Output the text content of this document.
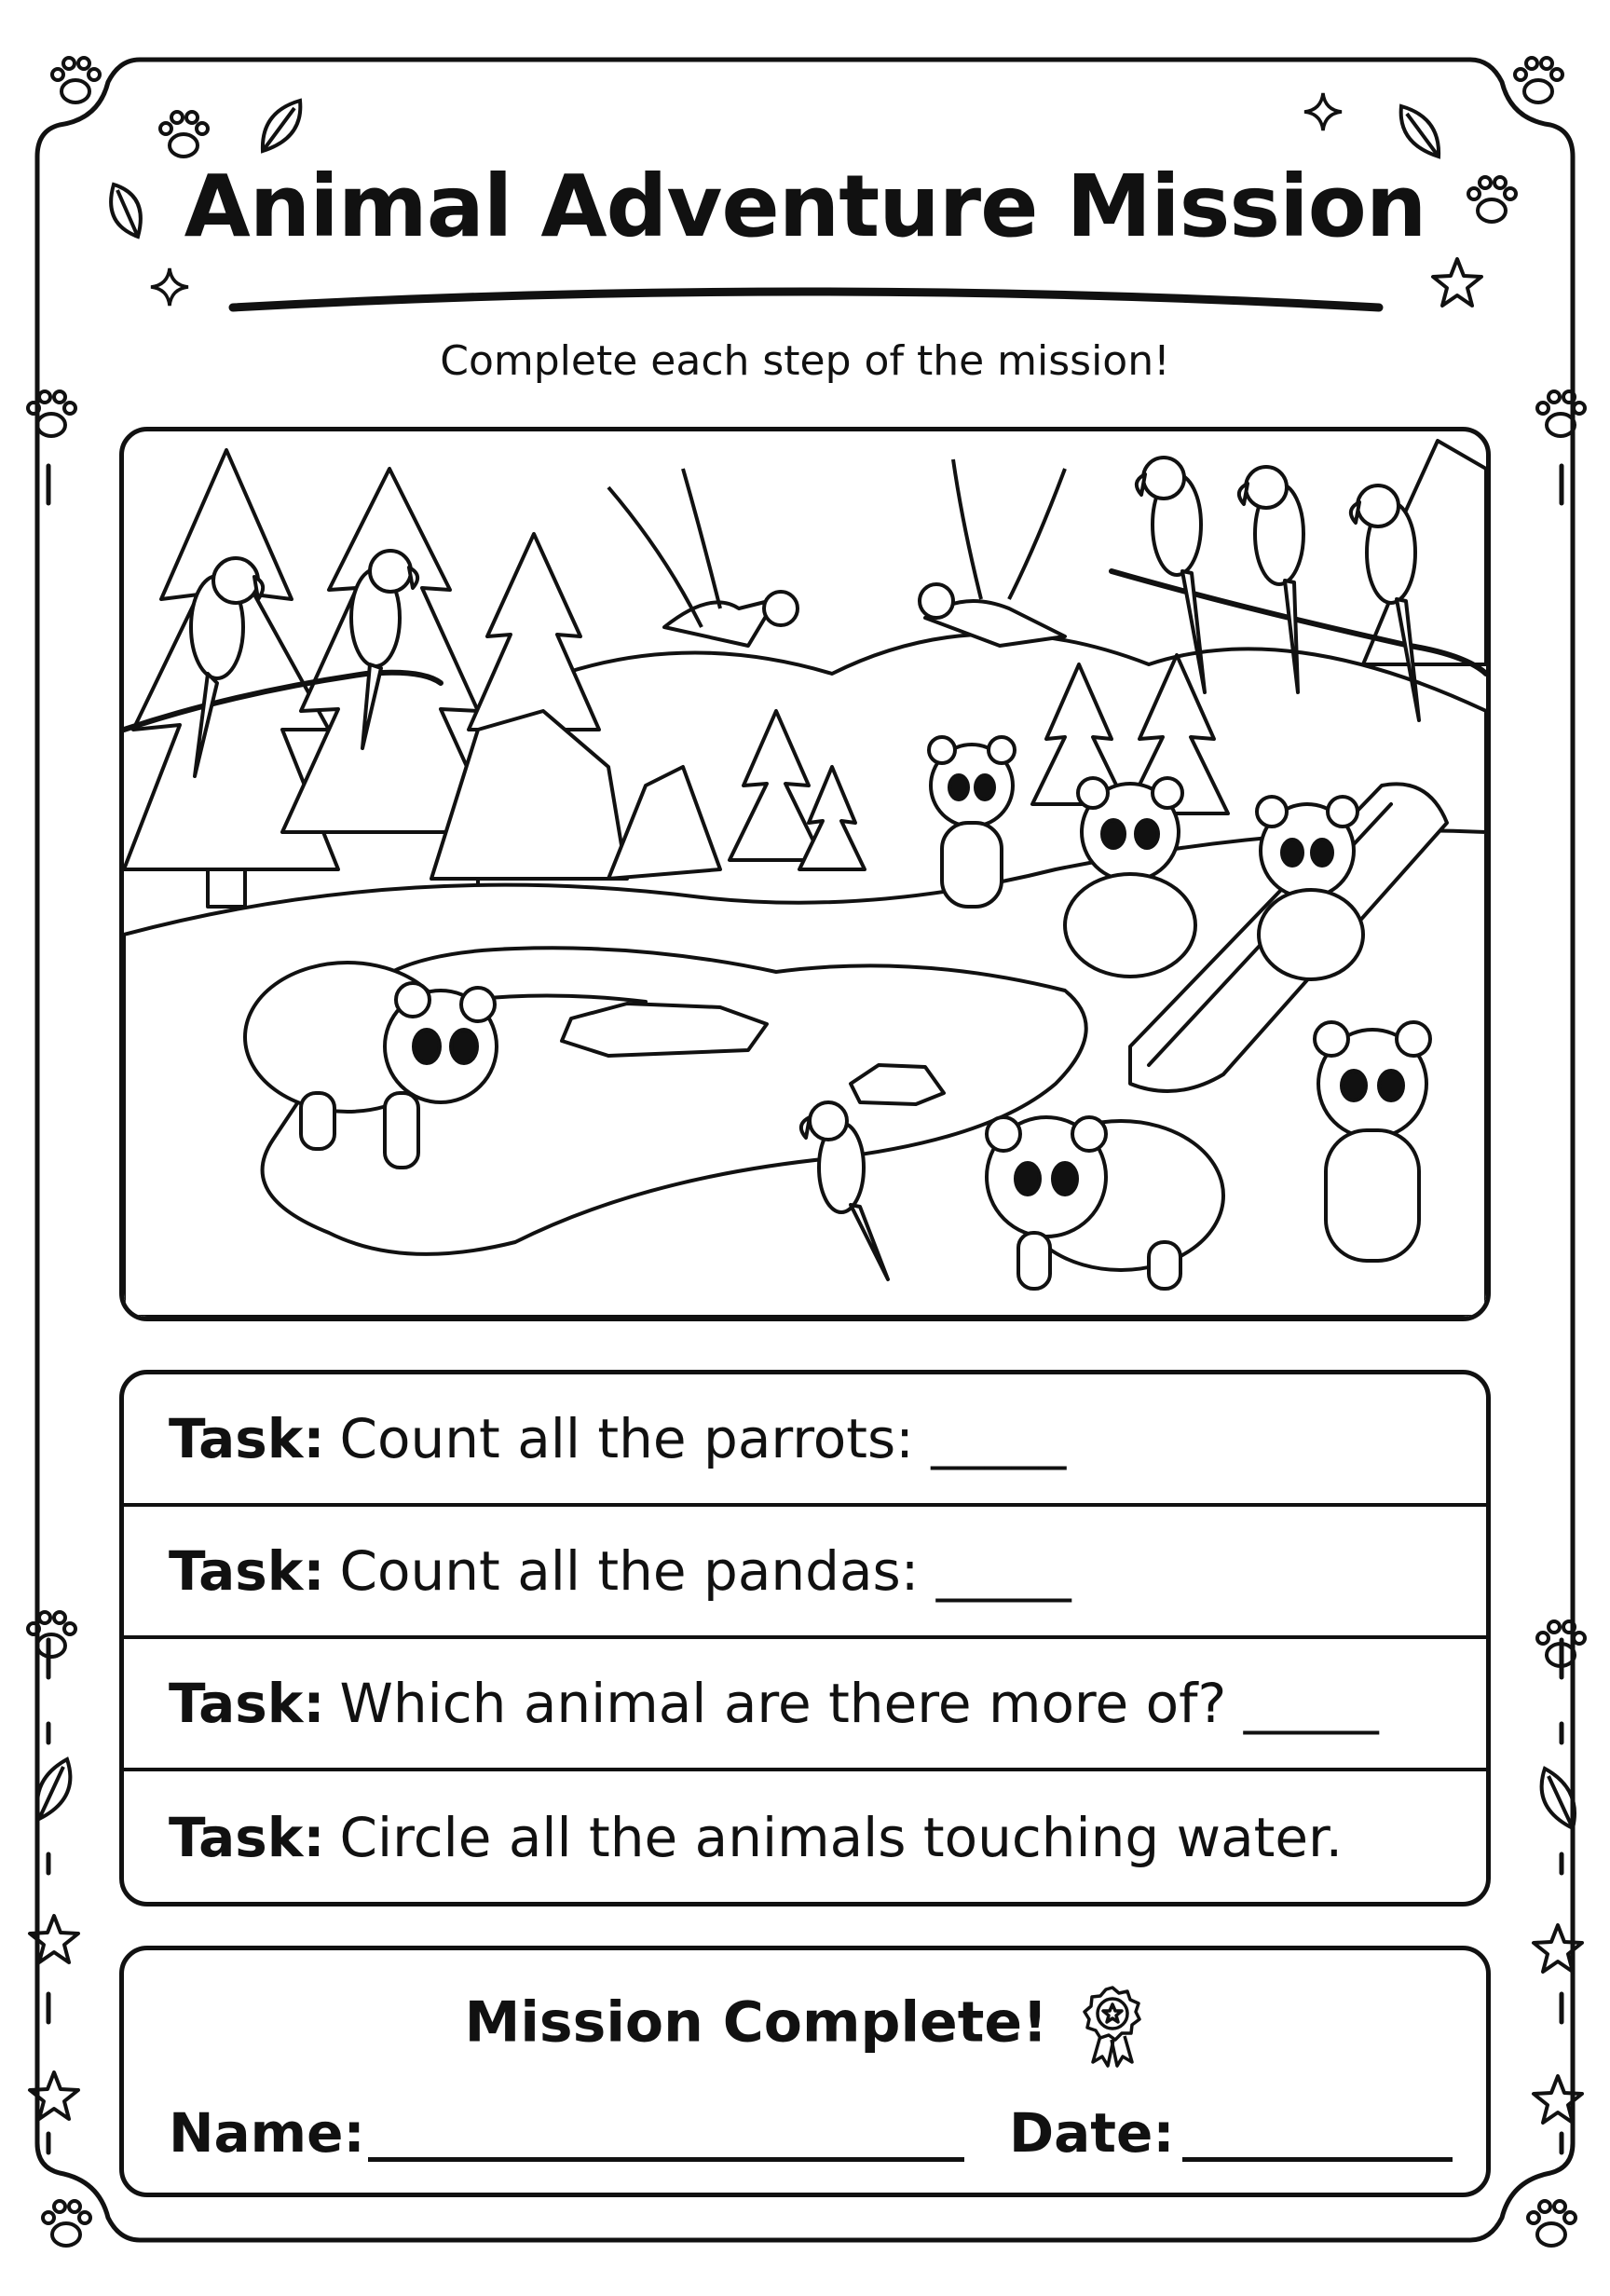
Animal Adventure Mission
Complete each step of the mission!
Task: Count all the parrots: _____
Task: Count all the pandas: _____
Task: Which animal are there more of? _____
Task: Circle all the animals touching water.
Mission Complete!
Name:	Date:
